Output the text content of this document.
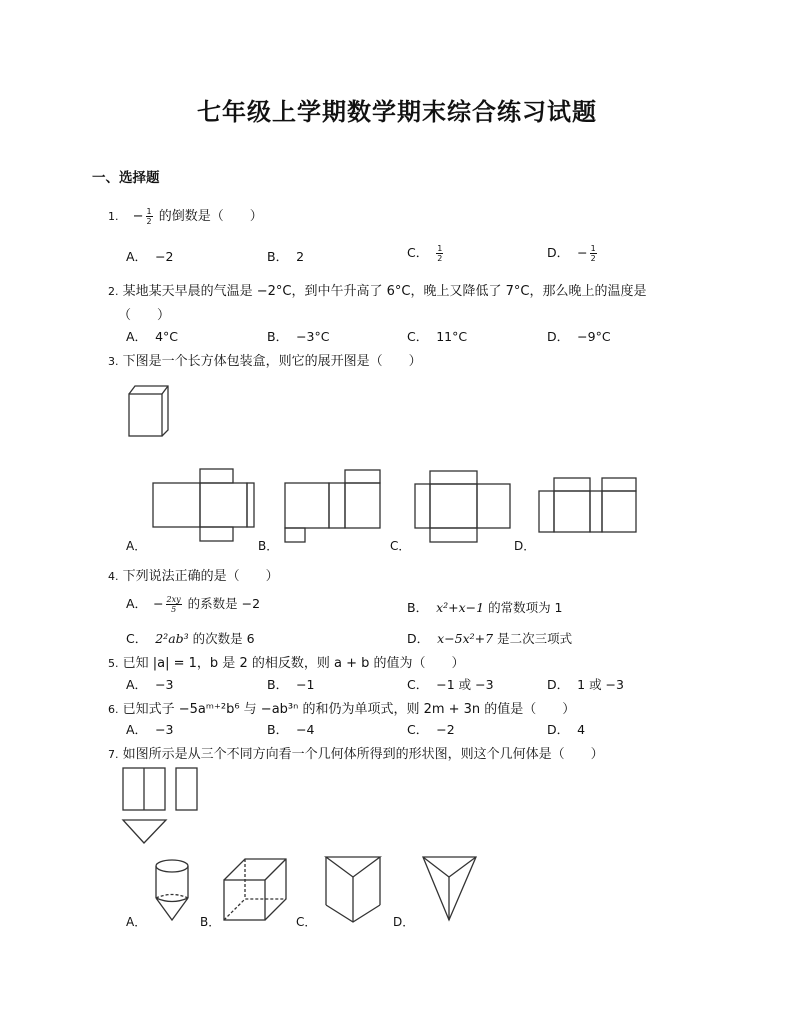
七年级上学期数学期末综合练习试题
一、选择题
1. − $\frac{1}{2}$ 的倒数是（　　）
A． −2	B． 2	C． $\frac{1}{2}$	D． − $\frac{1}{2}$
2. 某地某天早晨的气温是 −2°C，到中午升高了 6°C，晚上又降低了 7°C，那么晚上的温度是
（　　）
A． 4°C	B． −3°C	C． 11°C	D． −9°C
3. 下图是一个长方体包装盒，则它的展开图是（　　）
A．	B．	C．	D．
4. 下列说法正确的是（　　）
A． − $\frac{2xy}{5}$ 的系数是 −2	B． x²+x−1 的常数项为 1
C． 2²ab³ 的次数是 6	D． x−5x²+7 是二次三项式
5. 已知 |a| = 1，b 是 2 的相反数，则 a + b 的值为（　　）
A． −3	B． −1	C． −1 或 −3	D． 1 或 −3
6. 已知式子 −5aᵐ⁺²b⁶ 与 −ab³ⁿ 的和仍为单项式，则 2m + 3n 的值是（　　）
A． −3	B． −4	C． −2	D． 4
7. 如图所示是从三个不同方向看一个几何体所得到的形状图，则这个几何体是（　　）
A．	B．	C．	D．
